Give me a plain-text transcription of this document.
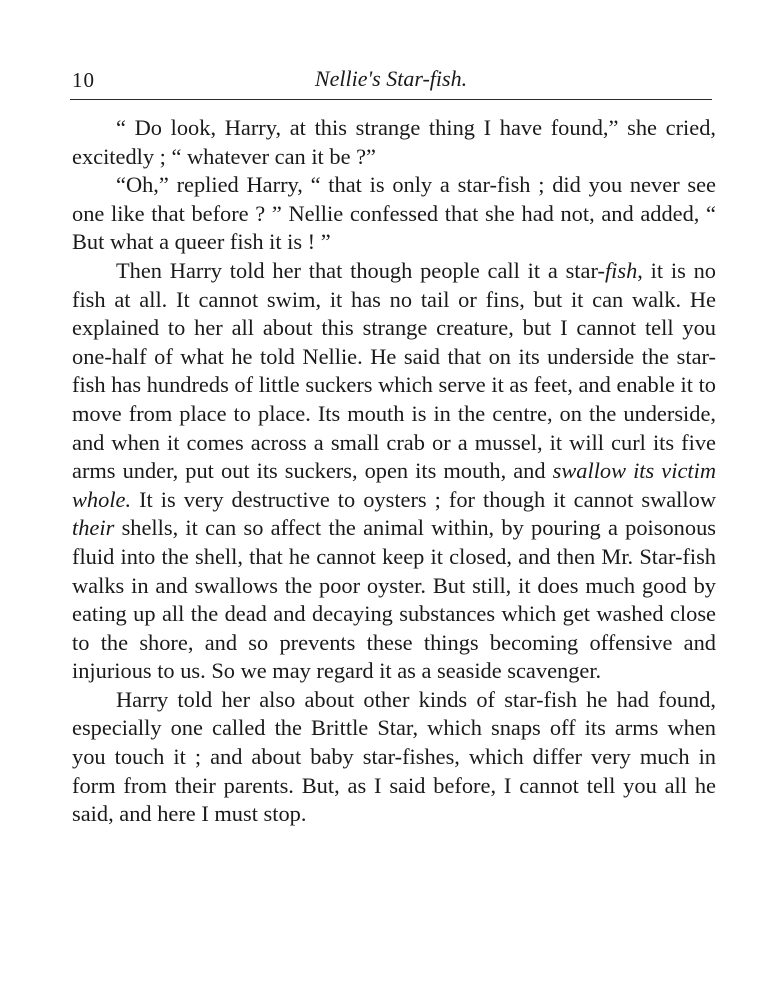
10	Nellie's Star-fish.

“ Do look, Harry, at this strange thing I have found,” she cried, excitedly ; “ whatever can it be ?”

“Oh,” replied Harry, “ that is only a star-fish ; did you never see one like that before ? ” Nellie confessed that she had not, and added, “ But what a queer fish it is ! ”

Then Harry told her that though people call it a star-fish, it is no fish at all. It cannot swim, it has no tail or fins, but it can walk. He explained to her all about this strange creature, but I cannot tell you one-half of what he told Nellie. He said that on its underside the star-fish has hundreds of little suckers which serve it as feet, and enable it to move from place to place. Its mouth is in the centre, on the underside, and when it comes across a small crab or a mussel, it will curl its five arms under, put out its suckers, open its mouth, and swallow its victim whole. It is very destructive to oysters ; for though it cannot swallow their shells, it can so affect the animal within, by pouring a poisonous fluid into the shell, that he cannot keep it closed, and then Mr. Star-fish walks in and swallows the poor oyster. But still, it does much good by eating up all the dead and decaying substances which get washed close to the shore, and so prevents these things becoming offensive and injurious to us. So we may regard it as a seaside scavenger.

Harry told her also about other kinds of star-fish he had found, especially one called the Brittle Star, which snaps off its arms when you touch it ; and about baby star-fishes, which differ very much in form from their parents. But, as I said before, I cannot tell you all he said, and here I must stop.
